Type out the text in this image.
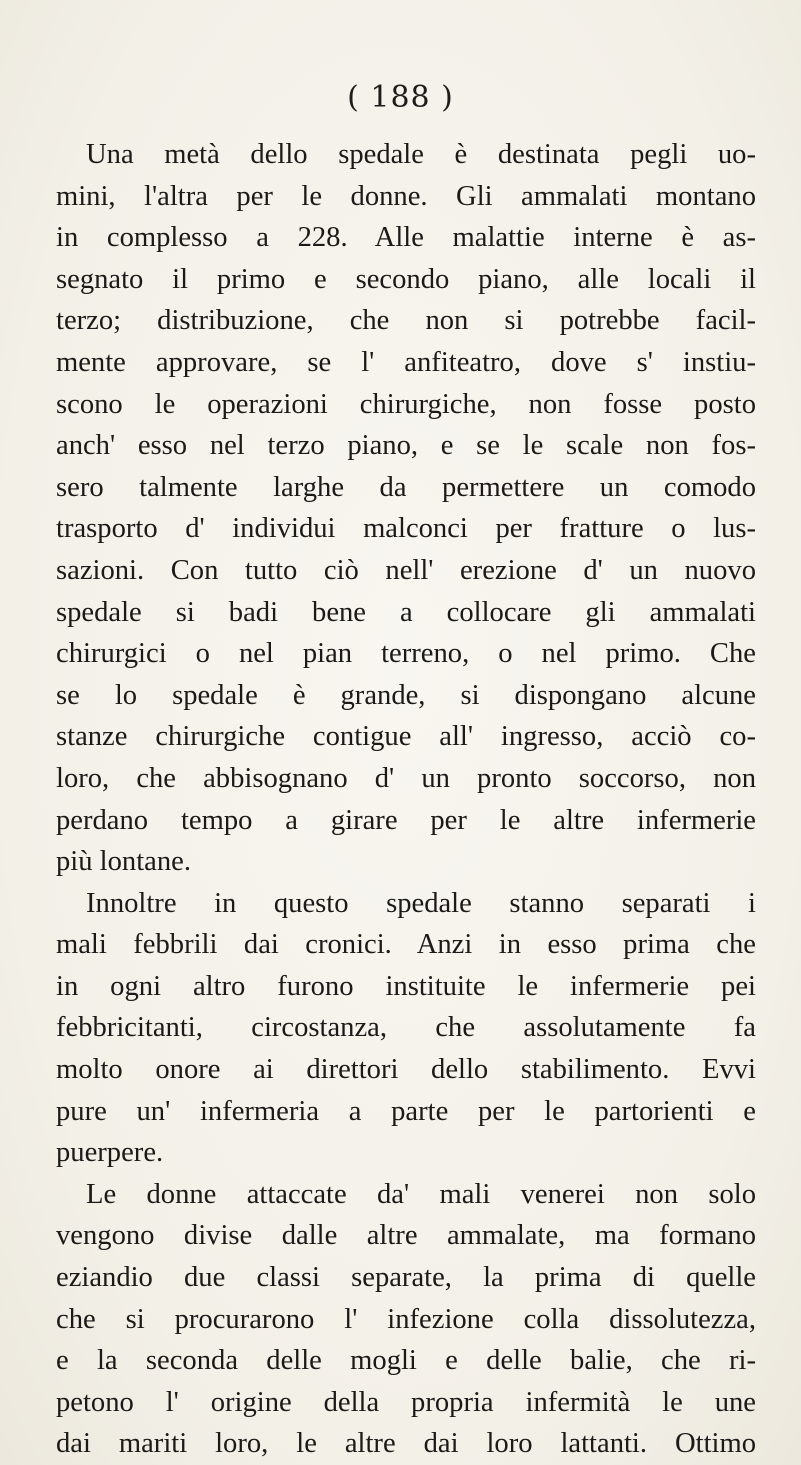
( 188 )
Una metà dello spedale è destinata pegli uo-
mini, l'altra per le donne. Gli ammalati montano
in complesso a 228. Alle malattie interne è as-
segnato il primo e secondo piano, alle locali il
terzo; distribuzione, che non si potrebbe facil-
mente approvare, se l' anfiteatro, dove s' instiu-
scono le operazioni chirurgiche, non fosse posto
anch' esso nel terzo piano, e se le scale non fos-
sero talmente larghe da permettere un comodo
trasporto d' individui malconci per fratture o lus-
sazioni. Con tutto ciò nell' erezione d' un nuovo
spedale si badi bene a collocare gli ammalati
chirurgici o nel pian terreno, o nel primo. Che
se lo spedale è grande, si dispongano alcune
stanze chirurgiche contigue all' ingresso, acciò co-
loro, che abbisognano d' un pronto soccorso, non
perdano tempo a girare per le altre infermerie
più lontane.
Innoltre in questo spedale stanno separati i
mali febbrili dai cronici. Anzi in esso prima che
in ogni altro furono instituite le infermerie pei
febbricitanti, circostanza, che assolutamente fa
molto onore ai direttori dello stabilimento. Evvi
pure un' infermeria a parte per le partorienti e
puerpere.
Le donne attaccate da' mali venerei non solo
vengono divise dalle altre ammalate, ma formano
eziandio due classi separate, la prima di quelle
che si procurarono l' infezione colla dissolutezza,
e la seconda delle mogli e delle balie, che ri-
petono l' origine della propria infermità le une
dai mariti loro, le altre dai loro lattanti. Ottimo
